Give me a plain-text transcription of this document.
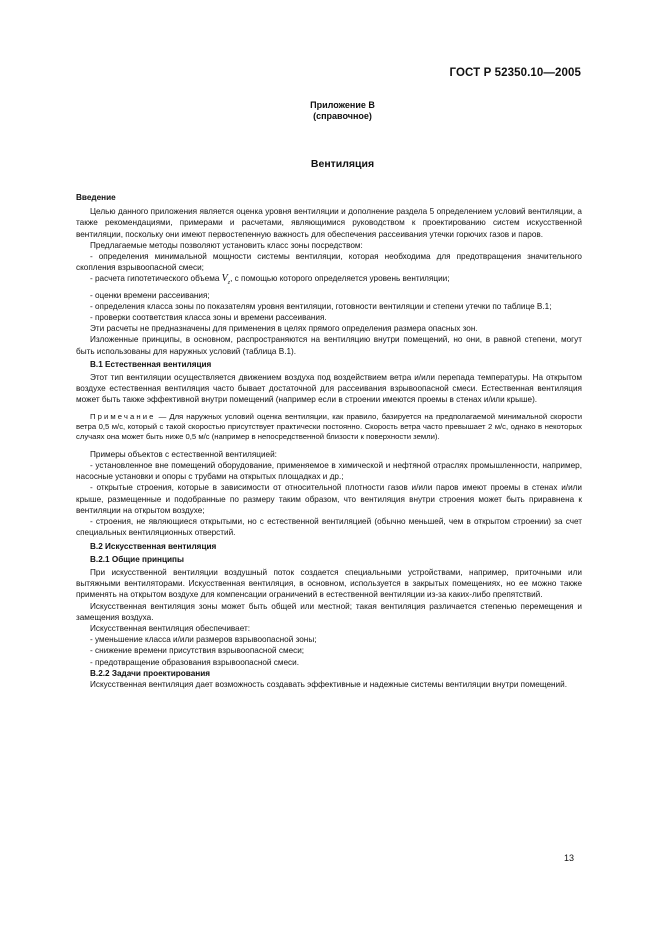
ГОСТ Р 52350.10—2005
Приложение В
(справочное)
Вентиляция

Введение

Целью данного приложения является оценка уровня вентиляции и дополнение раздела 5 определением условий вентиляции, а также рекомендациями, примерами и расчетами, являющимися руководством к проектированию систем искусственной вентиляции, поскольку они имеют первостепенную важность для обеспечения рассеивания утечки горючих газов и паров.

Предлагаемые методы позволяют установить класс зоны посредством:

- определения минимальной мощности системы вентиляции, которая необходима для предотвращения значительного скопления взрывоопасной смеси;

- расчета гипотетического объема $V_z$, с помощью которого определяется уровень вентиляции;

- оценки времени рассеивания;

- определения класса зоны по показателям уровня вентиляции, готовности вентиляции и степени утечки по таблице В.1;

- проверки соответствия класса зоны и времени рассеивания.

Эти расчеты не предназначены для применения в целях прямого определения размера опасных зон.

Изложенные принципы, в основном, распространяются на вентиляцию внутри помещений, но они, в равной степени, могут быть использованы для наружных условий (таблица В.1).

В.1 Естественная вентиляция

Этот тип вентиляции осуществляется движением воздуха под воздействием ветра и/или перепада температуры. На открытом воздухе естественная вентиляция часто бывает достаточной для рассеивания взрывоопасной смеси. Естественная вентиляция может быть также эффективной внутри помещений (например если в строении имеются проемы в стенах и/или крыше).

Примечание — Для наружных условий оценка вентиляции, как правило, базируется на предполагаемой минимальной скорости ветра 0,5 м/с, который с такой скоростью присутствует практически постоянно. Скорость ветра часто превышает 2 м/с, однако в некоторых случаях она может быть ниже 0,5 м/с (например в непосредственной близости к поверхности земли).

Примеры объектов с естественной вентиляцией:

- установленное вне помещений оборудование, применяемое в химической и нефтяной отраслях промышленности, например, насосные установки и опоры с трубами на открытых площадках и др.;

- открытые строения, которые в зависимости от относительной плотности газов и/или паров имеют проемы в стенах и/или крыше, размещенные и подобранные по размеру таким образом, что вентиляция внутри строения может быть приравнена к вентиляции на открытом воздухе;

- строения, не являющиеся открытыми, но с естественной вентиляцией (обычно меньшей, чем в открытом строении) за счет специальных вентиляционных отверстий.

В.2 Искусственная вентиляция

В.2.1 Общие принципы

При искусственной вентиляции воздушный поток создается специальными устройствами, например, приточными или вытяжными вентиляторами. Искусственная вентиляция, в основном, используется в закрытых помещениях, но ее можно также применять на открытом воздухе для компенсации ограничений в естественной вентиляции из-за каких-либо препятствий.

Искусственная вентиляция зоны может быть общей или местной; такая вентиляция различается степенью перемещения и замещения воздуха.

Искусственная вентиляция обеспечивает:

- уменьшение класса и/или размеров взрывоопасной зоны;

- снижение времени присутствия взрывоопасной смеси;

- предотвращение образования взрывоопасной смеси.

В.2.2 Задачи проектирования

Искусственная вентиляция дает возможность создавать эффективные и надежные системы вентиляции внутри помещений.

13
